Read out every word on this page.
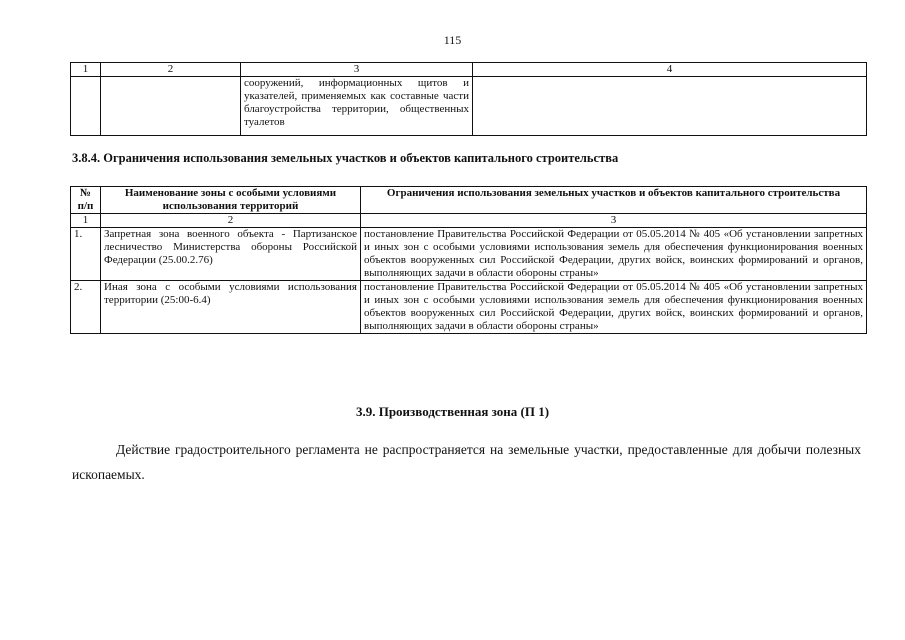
115
1	2	3	4
		сооружений, информационных щитов и указателей, применяемых как составные части благоустройства территории, общественных туалетов	
3.8.4. Ограничения использования земельных участков и объектов капитального строительства
№ п/п	Наименование зоны с особыми условиями использования территорий	Ограничения использования земельных участков и объектов капитального строительства
1	2	3
1.	Запретная зона военного объекта - Партизанское лесничество Министерства обороны Российской Федерации (25.00.2.76)	постановление Правительства Российской Федерации от 05.05.2014 № 405 «Об установлении запретных и иных зон с особыми условиями использования земель для обеспечения функционирования военных объектов вооруженных сил Российской Федерации, других войск, воинских формирований и органов, выполняющих задачи в области обороны страны»
2.	Иная зона с особыми условиями использования территории (25:00-6.4)	постановление Правительства Российской Федерации от 05.05.2014 № 405 «Об установлении запретных и иных зон с особыми условиями использования земель для обеспечения функционирования военных объектов вооруженных сил Российской Федерации, других войск, воинских формирований и органов, выполняющих задачи в области обороны страны»
3.9. Производственная зона (П 1)
Действие градостроительного регламента не распространяется на земельные участки, предоставленные для добычи полезных ископаемых.
